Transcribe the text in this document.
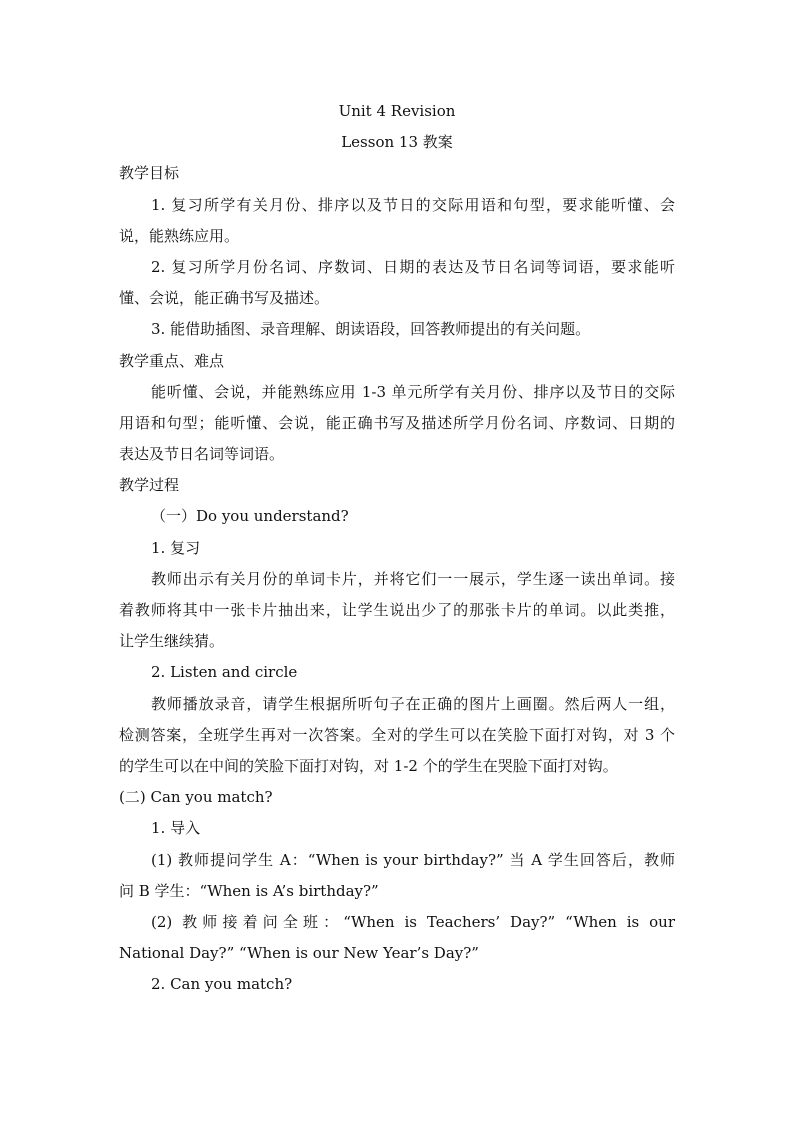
Unit 4 Revision
Lesson 13 教案
教学目标
1. 复习所学有关月份、排序以及节日的交际用语和句型，要求能听懂、会
说，能熟练应用。
2. 复习所学月份名词、序数词、日期的表达及节日名词等词语，要求能听
懂、会说，能正确书写及描述。
3. 能借助插图、录音理解、朗读语段，回答教师提出的有关问题。
教学重点、难点
能听懂、会说，并能熟练应用 1-3 单元所学有关月份、排序以及节日的交际
用语和句型；能听懂、会说，能正确书写及描述所学月份名词、序数词、日期的
表达及节日名词等词语。
教学过程
（一）Do you understand?
1. 复习
教师出示有关月份的单词卡片，并将它们一一展示，学生逐一读出单词。接
着教师将其中一张卡片抽出来，让学生说出少了的那张卡片的单词。以此类推，
让学生继续猜。
2. Listen and circle
教师播放录音，请学生根据所听句子在正确的图片上画圈。然后两人一组，
检测答案，全班学生再对一次答案。全对的学生可以在笑脸下面打对钩，对 3 个
的学生可以在中间的笑脸下面打对钩，对 1-2 个的学生在哭脸下面打对钩。
(二) Can you match?
1. 导入
(1) 教师提问学生 A：“When is your birthday?” 当 A 学生回答后，教师
问 B 学生：“When is A’s birthday?”
(2) 教师接着问全班：“When is Teachers’ Day?” “When is our
National Day?” “When is our New Year’s Day?”
2. Can you match?
